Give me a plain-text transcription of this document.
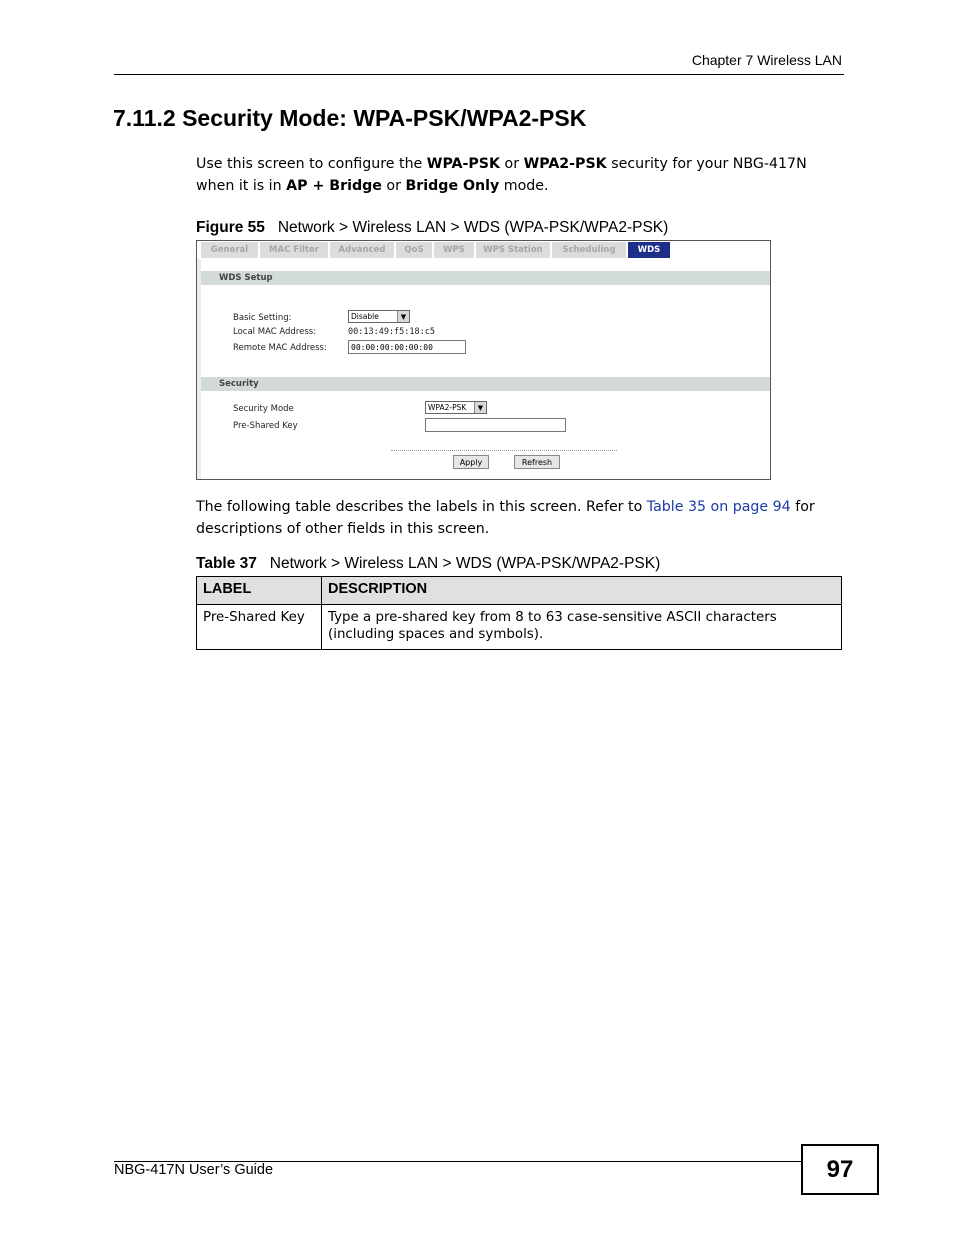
Chapter 7 Wireless LAN
7.11.2 Security Mode: WPA-PSK/WPA2-PSK
Use this screen to configure the WPA-PSK or WPA2-PSK security for your NBG-417N when it is in AP + Bridge or Bridge Only mode.
Figure 55   Network > Wireless LAN > WDS (WPA-PSK/WPA2-PSK)
General	MAC Filter	Advanced	QoS	WPS	WPS Station	Scheduling	WDS
WDS Setup
Basic Setting:	Disable	▼
Local MAC Address:	00:13:49:f5:18:c5
Remote MAC Address:	00:00:00:00:00:00
Security
Security Mode	WPA2-PSK	▼
Pre-Shared Key
Apply	Refresh
The following table describes the labels in this screen. Refer to Table 35 on page 94 for descriptions of other fields in this screen.
Table 37   Network > Wireless LAN > WDS (WPA-PSK/WPA2-PSK)
LABEL	DESCRIPTION
Pre-Shared Key	Type a pre-shared key from 8 to 63 case-sensitive ASCII characters (including spaces and symbols).
NBG-417N User’s Guide	97
